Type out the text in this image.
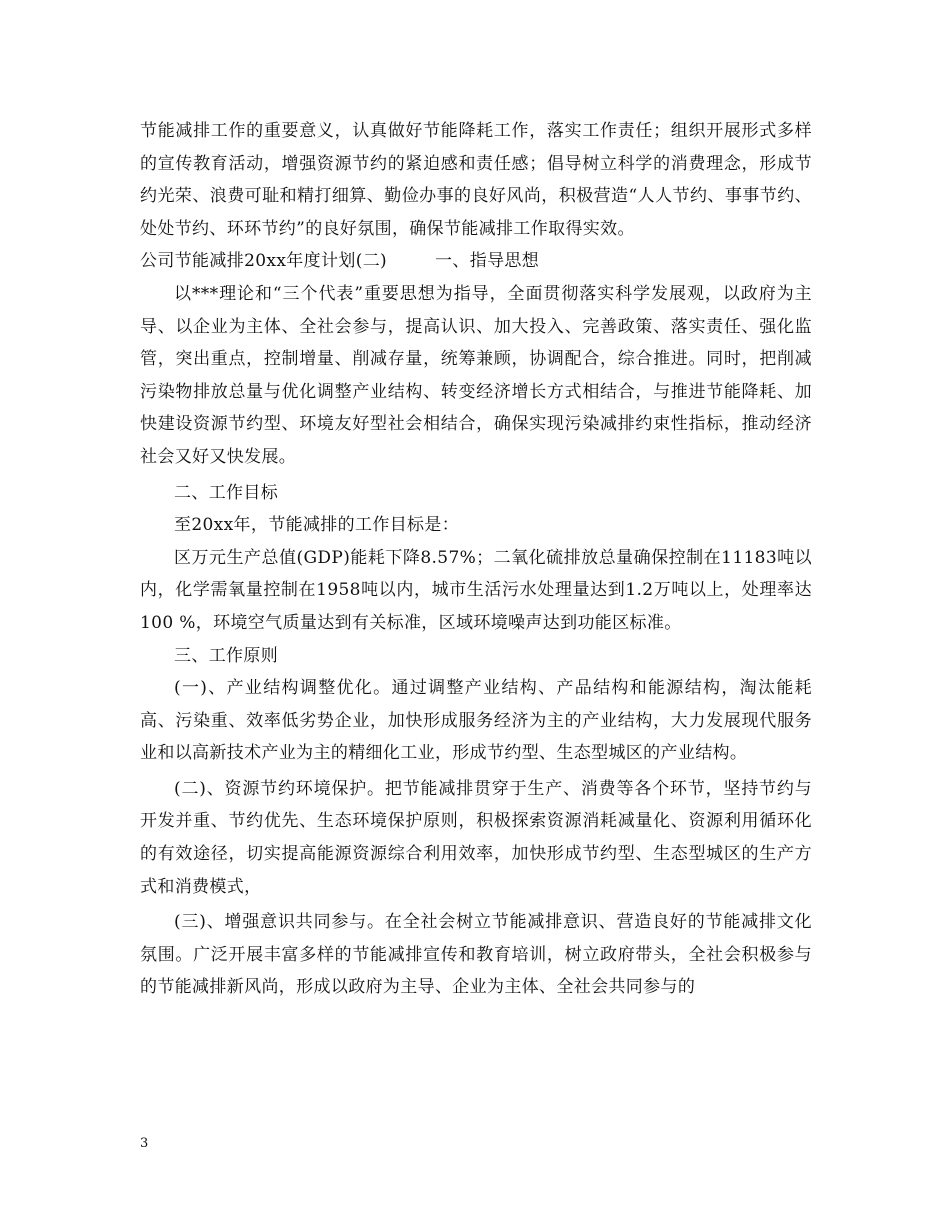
节能减排工作的重要意义，认真做好节能降耗工作，落实工作责任；组织开展形式多样的宣传教育活动，增强资源节约的紧迫感和责任感；倡导树立科学的消费理念，形成节约光荣、浪费可耻和精打细算、勤俭办事的良好风尚，积极营造“人人节约、事事节约、处处节约、环环节约”的良好氛围，确保节能减排工作取得实效。

公司节能减排20xx年度计划(二)	一、指导思想

以***理论和“三个代表”重要思想为指导，全面贯彻落实科学发展观，以政府为主导、以企业为主体、全社会参与，提高认识、加大投入、完善政策、落实责任、强化监管，突出重点，控制增量、削减存量，统筹兼顾，协调配合，综合推进。同时，把削减污染物排放总量与优化调整产业结构、转变经济增长方式相结合，与推进节能降耗、加快建设资源节约型、环境友好型社会相结合，确保实现污染减排约束性指标，推动经济社会又好又快发展。

二、工作目标

至20xx年，节能减排的工作目标是：

区万元生产总值(GDP)能耗下降8.57%；二氧化硫排放总量确保控制在11183吨以内，化学需氧量控制在1958吨以内，城市生活污水处理量达到1.2万吨以上，处理率达100 %，环境空气质量达到有关标准，区域环境噪声达到功能区标准。

三、工作原则

(一)、产业结构调整优化。通过调整产业结构、产品结构和能源结构，淘汰能耗高、污染重、效率低劣势企业，加快形成服务经济为主的产业结构，大力发展现代服务业和以高新技术产业为主的精细化工业，形成节约型、生态型城区的产业结构。

(二)、资源节约环境保护。把节能减排贯穿于生产、消费等各个环节，坚持节约与开发并重、节约优先、生态环境保护原则，积极探索资源消耗减量化、资源利用循环化的有效途径，切实提高能源资源综合利用效率，加快形成节约型、生态型城区的生产方式和消费模式，

(三)、增强意识共同参与。在全社会树立节能减排意识、营造良好的节能减排文化氛围。广泛开展丰富多样的节能减排宣传和教育培训，树立政府带头，全社会积极参与的节能减排新风尚，形成以政府为主导、企业为主体、全社会共同参与的

3
